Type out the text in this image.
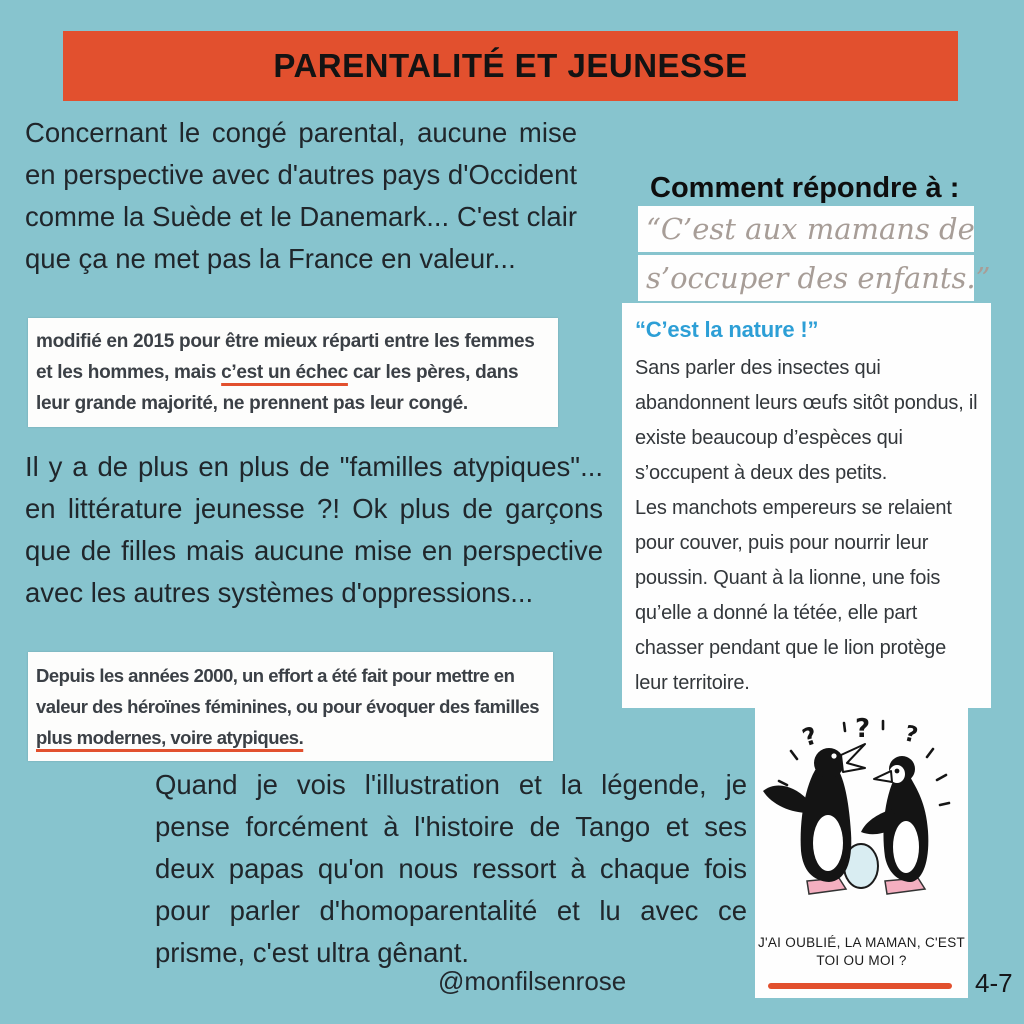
PARENTALITÉ ET JEUNESSE
Concernant le congé parental, aucune mise en perspective avec d'autres pays d'Occident comme la Suède et le Danemark... C'est clair que ça ne met pas la France en valeur...
modifié en 2015 pour être mieux réparti entre les femmes et les hommes, mais c’est un échec car les pères, dans leur grande majorité, ne prennent pas leur congé.
Il y a de plus en plus de "familles atypiques"... en littérature jeunesse ?! Ok plus de garçons que de filles mais aucune mise en perspective avec les autres systèmes d'oppressions...
Depuis les années 2000, un effort a été fait pour mettre en valeur des héroïnes féminines, ou pour évoquer des familles plus modernes, voire atypiques.
Quand je vois l'illustration et la légende, je pense forcément à l'histoire de Tango et ses deux papas qu'on nous ressort à chaque fois pour parler d'homoparentalité et lu avec ce prisme, c'est ultra gênant.
Comment répondre à :
“C’est aux mamans de
s’occuper des enfants.”

“C’est la nature !”

Sans parler des insectes qui abandonnent leurs œufs sitôt pondus, il existe beaucoup d’espèces qui s’occupent à deux des petits.

Les manchots empereurs se relaient pour couver, puis pour nourrir leur poussin. Quant à la lionne, une fois qu’elle a donné la tétée, elle part chasser pendant que le lion protège leur territoire.

? ? ?
J'AI OUBLIÉ, LA MAMAN, C'EST
TOI OU MOI ?
@monfilsenrose	4-7
